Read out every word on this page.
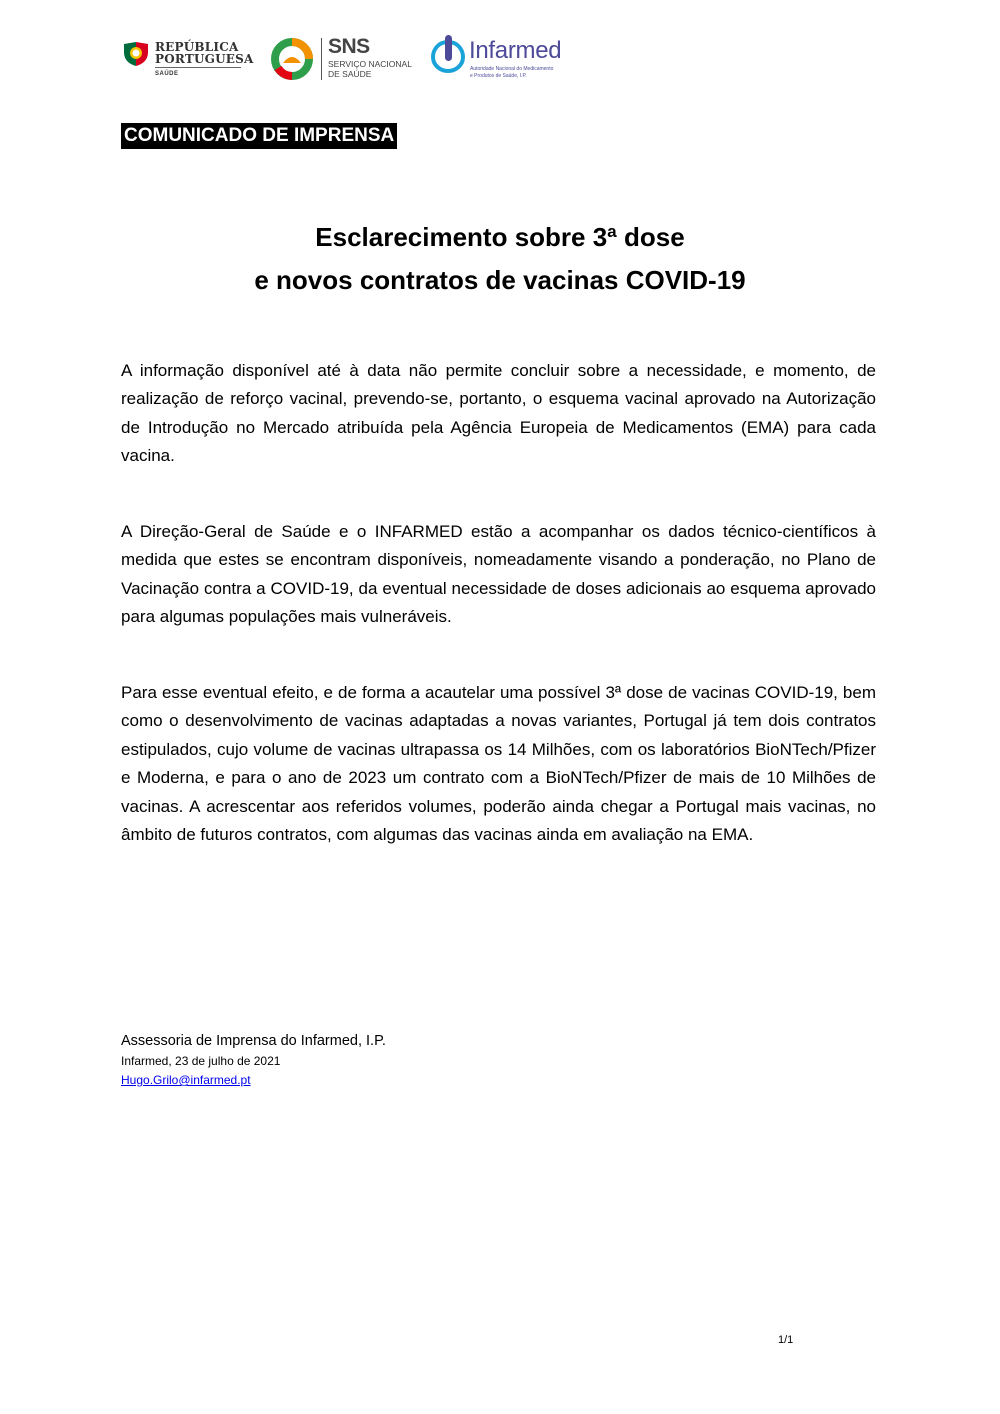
REPÚBLICA
PORTUGUESA
SAÚDE
SNS
SERVIÇO NACIONAL
DE SAÚDE
Infarmed
Autoridade Nacional do Medicamento
e Produtos de Saúde, I.P.
COMUNICADO DE IMPRENSA
Esclarecimento sobre 3ª dose
e novos contratos de vacinas COVID-19
A informação disponível até à data não permite concluir sobre a necessidade, e momento, de realização de reforço vacinal, prevendo-se, portanto, o esquema vacinal aprovado na Autorização de Introdução no Mercado atribuída pela Agência Europeia de Medicamentos (EMA) para cada vacina.
A Direção-Geral de Saúde e o INFARMED estão a acompanhar os dados técnico-científicos à medida que estes se encontram disponíveis, nomeadamente visando a ponderação, no Plano de Vacinação contra a COVID-19, da eventual necessidade de doses adicionais ao esquema aprovado para algumas populações mais vulneráveis.
Para esse eventual efeito, e de forma a acautelar uma possível 3ª dose de vacinas COVID-19, bem como o desenvolvimento de vacinas adaptadas a novas variantes, Portugal já tem dois contratos estipulados, cujo volume de vacinas ultrapassa os 14 Milhões, com os laboratórios BioNTech/Pfizer e Moderna, e para o ano de 2023 um contrato com a BioNTech/Pfizer de mais de 10 Milhões de vacinas. A acrescentar aos referidos volumes, poderão ainda chegar a Portugal mais vacinas, no âmbito de futuros contratos, com algumas das vacinas ainda em avaliação na EMA.
Assessoria de Imprensa do Infarmed, I.P.
Infarmed, 23 de julho de 2021
Hugo.Grilo@infarmed.pt
1/1
